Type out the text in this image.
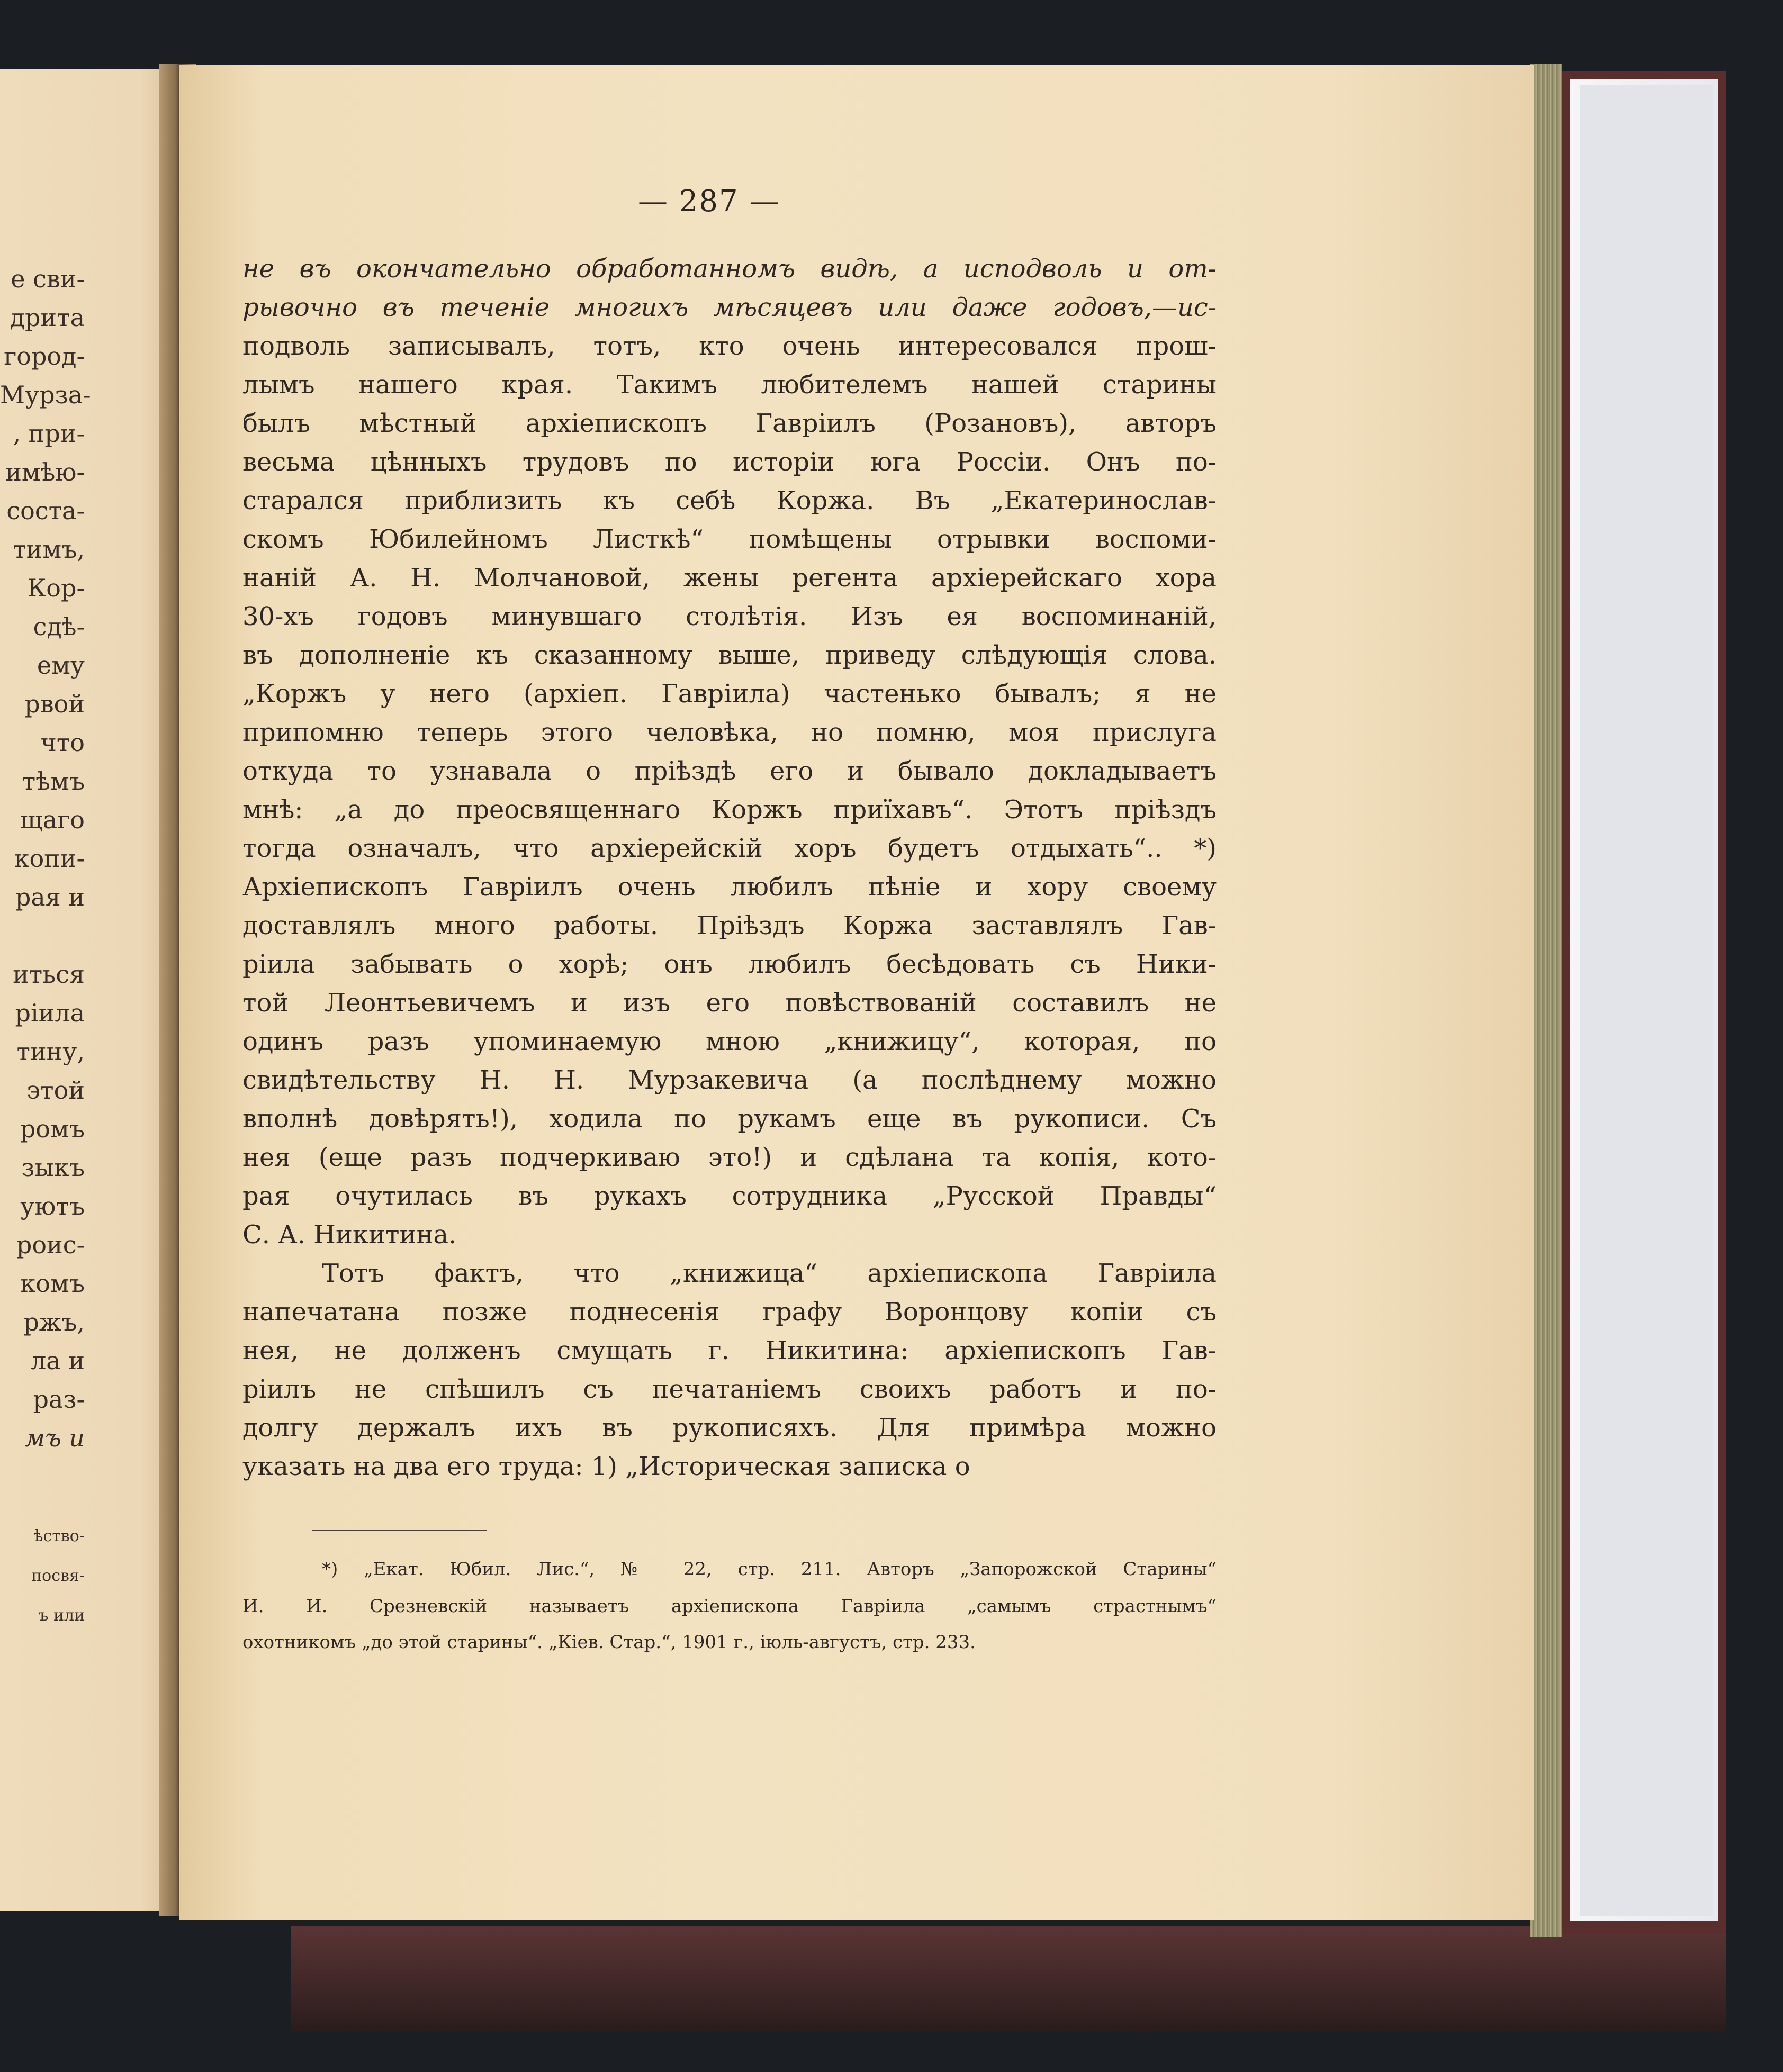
е сви-
дрита
город-
Мурза-
, при-
имѣю-
соста-
тимъ,
Кор-
сдѣ-
ему
рвой
что
тѣмъ
щаго
копи-
рая и
иться
ріила
тину,
этой
ромъ
зыкъ
уютъ
роис-
комъ
ржъ,
ла и
раз-
мъ и
ѣство-
посвя-
ъ или
— 287 —
не въ окончательно обработанномъ видѣ, а исподволь и от-
рывочно въ теченіе многихъ мѣсяцевъ или даже годовъ,—ис-
подволь записывалъ, тотъ, кто очень интересовался прош-
лымъ нашего края. Такимъ любителемъ нашей старины
былъ мѣстный архіепископъ Гавріилъ (Розановъ), авторъ
весьма цѣнныхъ трудовъ по исторіи юга Россіи. Онъ по-
старался приблизить къ себѣ Коржа. Въ „Екатеринослав-
скомъ Юбилейномъ Листкѣ“ помѣщены отрывки воспоми-
наній А. Н. Молчановой, жены регента архіерейскаго хора
30-хъ годовъ минувшаго столѣтія. Изъ ея воспоминаній,
въ дополненіе къ сказанному выше, приведу слѣдующія слова.
„Коржъ у него (архіеп. Гавріила) частенько бывалъ; я не
припомню теперь этого человѣка, но помню, моя прислуга
откуда то узнавала о пріѣздѣ его и бывало докладываетъ
мнѣ: „а до преосвященнаго Коржъ приїхавъ“. Этотъ пріѣздъ
тогда означалъ, что архіерейскій хоръ будетъ отдыхать“.. *)
Архіепископъ Гавріилъ очень любилъ пѣніе и хору своему
доставлялъ много работы. Пріѣздъ Коржа заставлялъ Гав-
ріила забывать о хорѣ; онъ любилъ бесѣдовать съ Ники-
той Леонтьевичемъ и изъ его повѣствованій составилъ не
одинъ разъ упоминаемую мною „книжицу“, которая, по
свидѣтельству Н. Н. Мурзакевича (а послѣднему можно
вполнѣ довѣрять!), ходила по рукамъ еще въ рукописи. Съ
нея (еще разъ подчеркиваю это!) и сдѣлана та копія, кото-
рая очутилась въ рукахъ сотрудника „Русской Правды“
С. А. Никитина.
Тотъ фактъ, что „книжица“ архіепископа Гавріила
напечатана позже поднесенія графу Воронцову копіи съ
нея, не долженъ смущать г. Никитина: архіепископъ Гав-
ріилъ не спѣшилъ съ печатаніемъ своихъ работъ и по-
долгу держалъ ихъ въ рукописяхъ. Для примѣра можно
указать на два его труда: 1) „Историческая записка о
*) „Екат. Юбил. Лис.“, № 22, стр. 211. Авторъ „Запорожской Старины“
И. И. Срезневскій называетъ архіепископа Гавріила „самымъ страстнымъ“
охотникомъ „до этой старины“. „Кіев. Стар.“, 1901 г., іюль-августъ, стр. 233.
